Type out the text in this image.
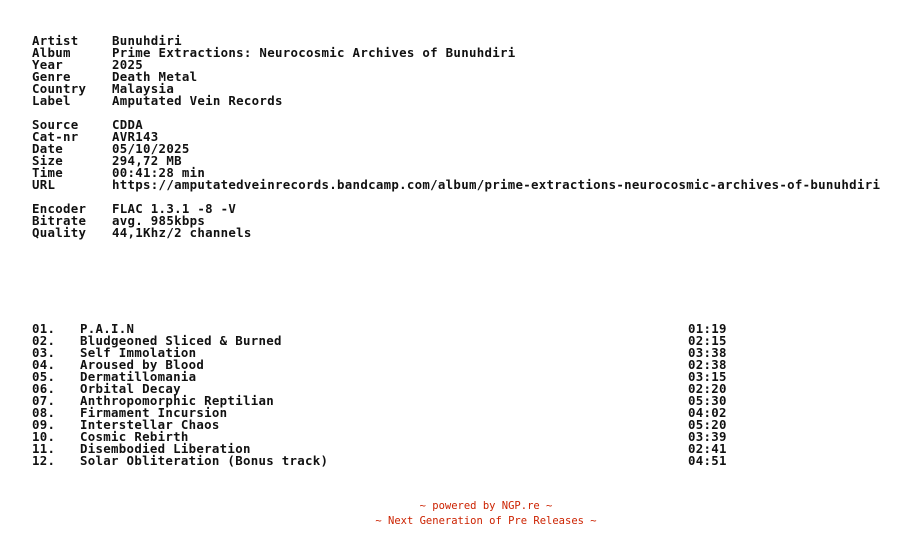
Artist	Bunuhdiri
Album	Prime Extractions: Neurocosmic Archives of Bunuhdiri
Year	2025
Genre	Death Metal
Country	Malaysia
Label	Amputated Vein Records
Source	CDDA
Cat-nr	AVR143
Date	05/10/2025
Size	294,72 MB
Time	00:41:28 min
URL	https://amputatedveinrecords.bandcamp.com/album/prime-extractions-neurocosmic-archives-of-bunuhdiri
Encoder	FLAC 1.3.1 -8 -V
Bitrate	avg. 985kbps
Quality	44,1Khz/2 channels
01. P.A.I.N	01:19
02. Bludgeoned Sliced & Burned	02:15
03. Self Immolation	03:38
04. Aroused by Blood	02:38
05. Dermatillomania	03:15
06. Orbital Decay	02:20
07. Anthropomorphic Reptilian	05:30
08. Firmament Incursion	04:02
09. Interstellar Chaos	05:20
10. Cosmic Rebirth	03:39
11. Disembodied Liberation	02:41
12. Solar Obliteration (Bonus track)	04:51
~ powered by NGP.re ~
~ Next Generation of Pre Releases ~
